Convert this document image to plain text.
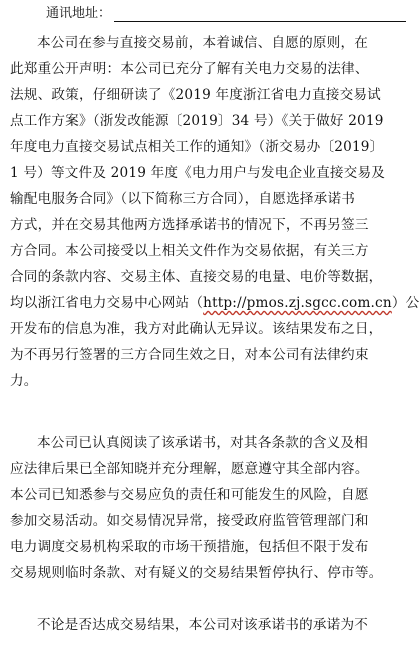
通讯地址：
本公司在参与直接交易前，本着诚信、自愿的原则，在
此郑重公开声明：本公司已充分了解有关电力交易的法律、
法规、政策，仔细研读了《2019 年度浙江省电力直接交易试
点工作方案》（浙发改能源〔2019〕34 号）《关于做好 2019
年度电力直接交易试点相关工作的通知》（浙交易办〔2019〕
1 号）等文件及 2019 年度《电力用户与发电企业直接交易及
输配电服务合同》（以下简称三方合同），自愿选择承诺书
方式，并在交易其他两方选择承诺书的情况下，不再另签三
方合同。本公司接受以上相关文件作为交易依据，有关三方
合同的条款内容、交易主体、直接交易的电量、电价等数据，
均以浙江省电力交易中心网站（http://pmos.zj.sgcc.com.cn）公
开发布的信息为准，我方对此确认无异议。该结果发布之日，
为不再另行签署的三方合同生效之日，对本公司有法律约束
力。
本公司已认真阅读了该承诺书，对其各条款的含义及相
应法律后果已全部知晓并充分理解，愿意遵守其全部内容。
本公司已知悉参与交易应负的责任和可能发生的风险，自愿
参加交易活动。如交易情况异常，接受政府监管管理部门和
电力调度交易机构采取的市场干预措施，包括但不限于发布
交易规则临时条款、对有疑义的交易结果暂停执行、停市等。
不论是否达成交易结果，本公司对该承诺书的承诺为不
